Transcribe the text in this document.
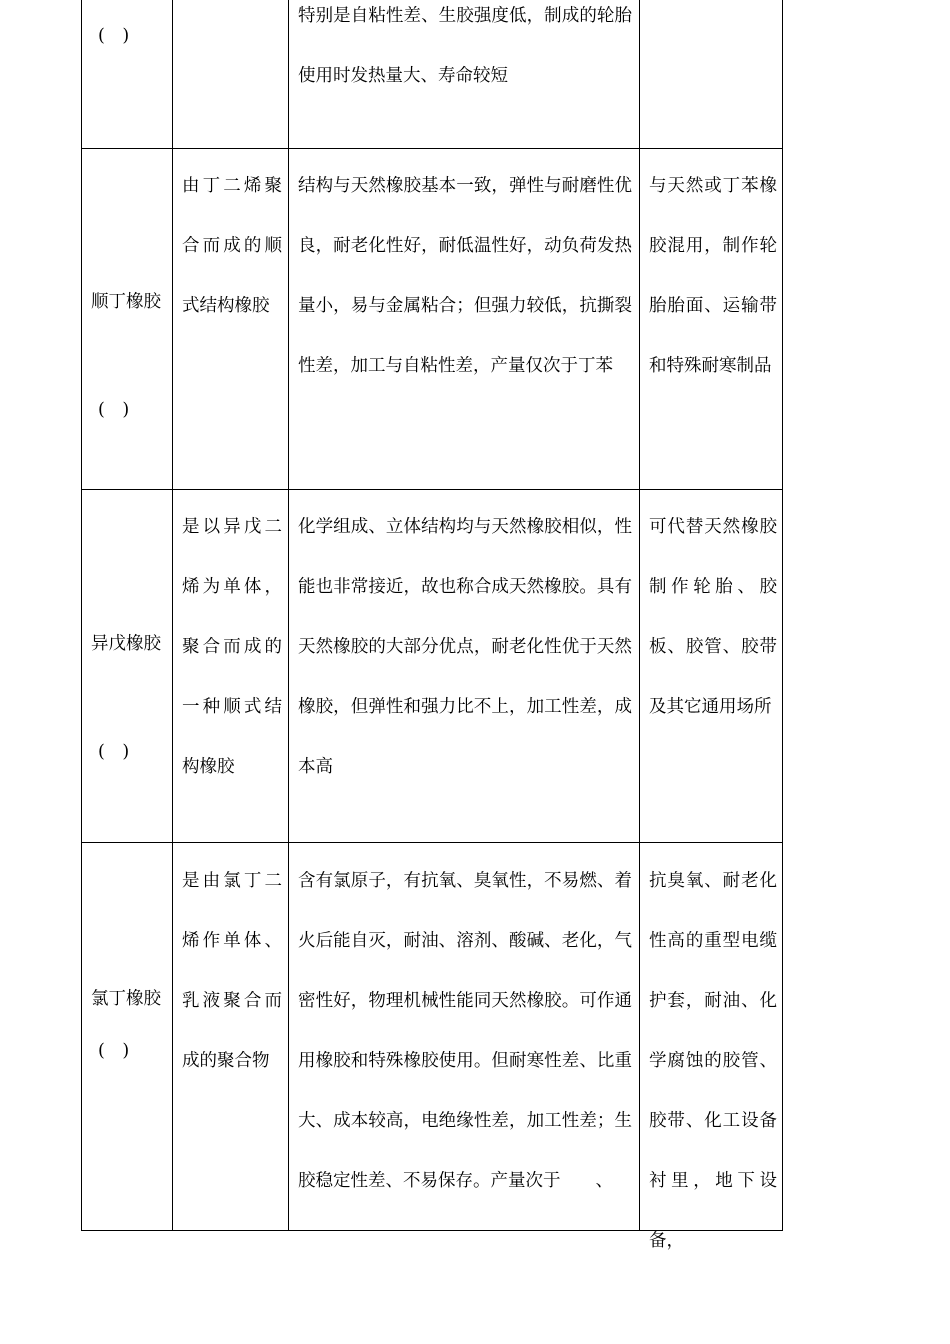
( )
特别是自粘性差、生胶强度低，制成的轮胎使用时发热量大、寿命较短
顺丁橡胶
( )
由丁二烯聚合而成的顺式结构橡胶
结构与天然橡胶基本一致，弹性与耐磨性优良，耐老化性好，耐低温性好，动负荷发热量小，易与金属粘合；但强力较低，抗撕裂性差，加工与自粘性差，产量仅次于丁苯
与天然或丁苯橡胶混用，制作轮胎胎面、运输带和特殊耐寒制品
异戊橡胶
( )
是以异戊二烯为单体，聚合而成的一种顺式结构橡胶
化学组成、立体结构均与天然橡胶相似，性能也非常接近，故也称合成天然橡胶。具有天然橡胶的大部分优点，耐老化性优于天然橡胶，但弹性和强力比不上，加工性差，成本高
可代替天然橡胶制作轮胎、胶板、胶管、胶带及其它通用场所
氯丁橡胶
( )
是由氯丁二烯作单体、乳液聚合而成的聚合物
含有氯原子，有抗氧、臭氧性，不易燃、着火后能自灭，耐油、溶剂、酸碱、老化，气密性好，物理机械性能同天然橡胶。可作通用橡胶和特殊橡胶使用。但耐寒性差、比重大、成本较高，电绝缘性差，加工性差；生胶稳定性差、不易保存。产量次于　　、
抗臭氧、耐老化性高的重型电缆护套，耐油、化学腐蚀的胶管、胶带、化工设备衬里，地下设备，
